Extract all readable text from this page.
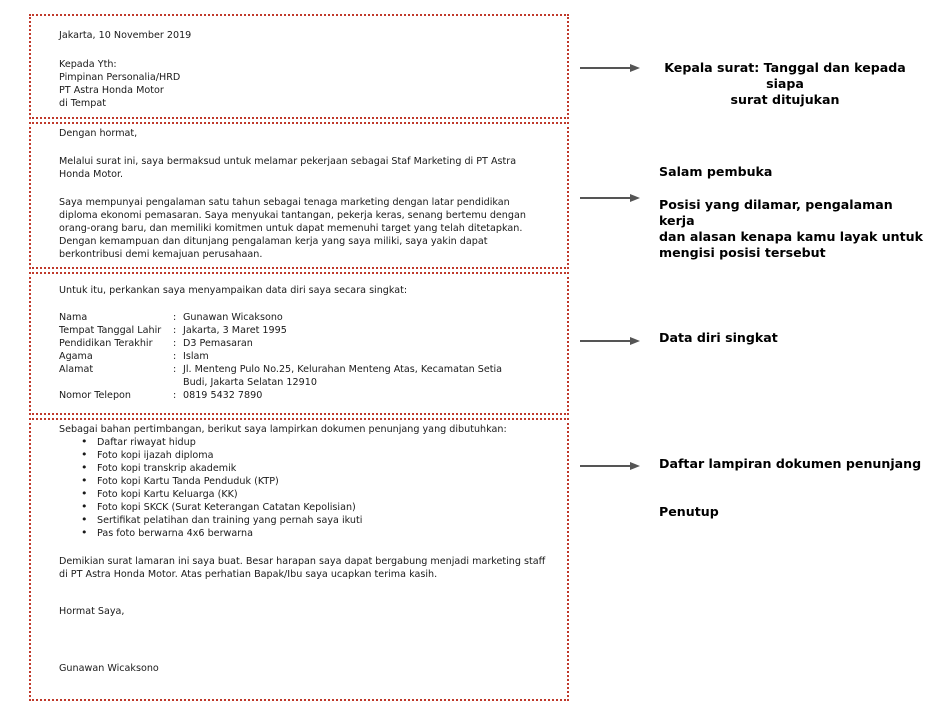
Jakarta, 10 November 2019
Kepada Yth:
Pimpinan Personalia/HRD
PT Astra Honda Motor
di Tempat
Dengan hormat,
Melalui surat ini, saya bermaksud untuk melamar pekerjaan sebagai Staf Marketing di PT Astra
Honda Motor.
Saya mempunyai pengalaman satu tahun sebagai tenaga marketing dengan latar pendidikan
diploma ekonomi pemasaran. Saya menyukai tantangan, pekerja keras, senang bertemu dengan
orang-orang baru, dan memiliki komitmen untuk dapat memenuhi target yang telah ditetapkan.
Dengan kemampuan dan ditunjang pengalaman kerja yang saya miliki, saya yakin dapat
berkontribusi demi kemajuan perusahaan.
Untuk itu, perkankan saya menyampaikan data diri saya secara singkat:
Nama	: Gunawan Wicaksono
Tempat Tanggal Lahir	: Jakarta, 3 Maret 1995
Pendidikan Terakhir	: D3 Pemasaran
Agama	: Islam
Alamat	: Jl. Menteng Pulo No.25, Kelurahan Menteng Atas, Kecamatan Setia
Budi, Jakarta Selatan 12910
Nomor Telepon	: 0819 5432 7890
Sebagai bahan pertimbangan, berikut saya lampirkan dokumen penunjang yang dibutuhkan:
• Daftar riwayat hidup
• Foto kopi ijazah diploma
• Foto kopi transkrip akademik
• Foto kopi Kartu Tanda Penduduk (KTP)
• Foto kopi Kartu Keluarga (KK)
• Foto kopi SKCK (Surat Keterangan Catatan Kepolisian)
• Sertifikat pelatihan dan training yang pernah saya ikuti
• Pas foto berwarna 4x6 berwarna
Demikian surat lamaran ini saya buat. Besar harapan saya dapat bergabung menjadi marketing staff
di PT Astra Honda Motor. Atas perhatian Bapak/Ibu saya ucapkan terima kasih.
Hormat Saya,
Gunawan Wicaksono
Kepala surat: Tanggal dan kepada siapa
surat ditujukan
Salam pembuka
Posisi yang dilamar, pengalaman kerja
dan alasan kenapa kamu layak untuk
mengisi posisi tersebut
Data diri singkat
Daftar lampiran dokumen penunjang
Penutup
